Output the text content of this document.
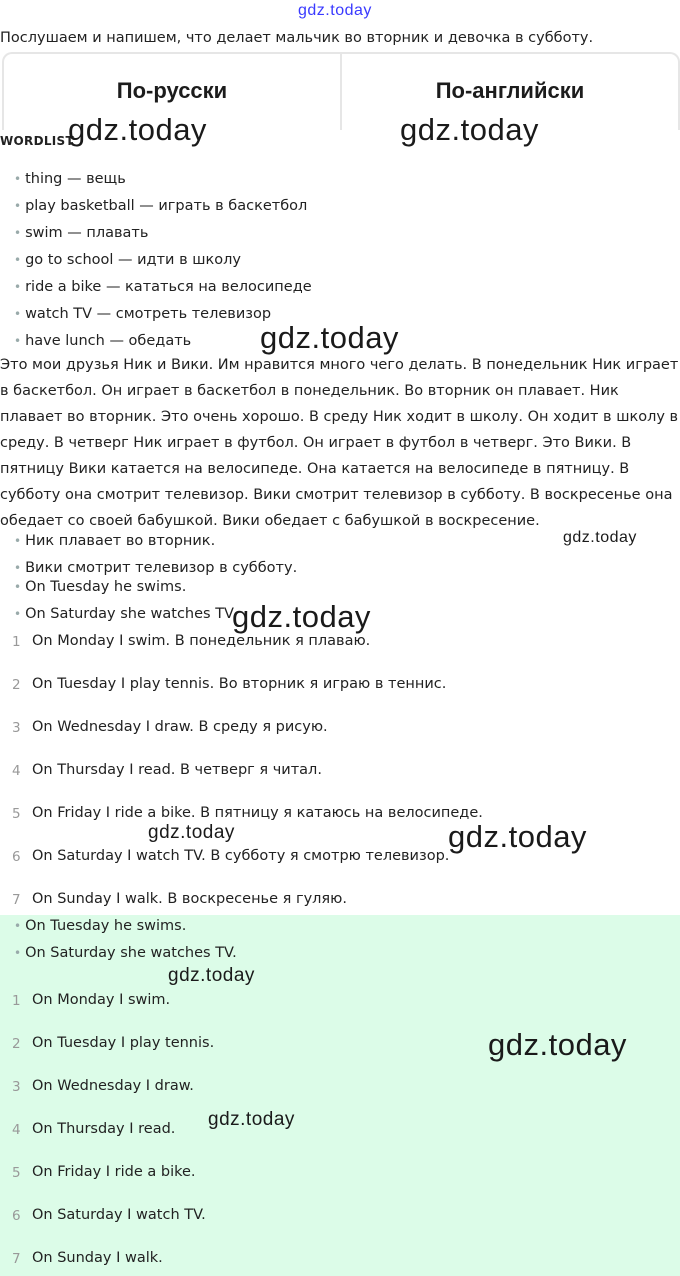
gdz.today
Послушаем и напишем, что делает мальчик во вторник и девочка в субботу.
По-русски	По-английски
WORDLIST
• thing — вещь
• play basketball — играть в баскетбол
• swim — плавать
• go to school — идти в школу
• ride a bike — кататься на велосипеде
• watch TV — смотреть телевизор
• have lunch — обедать
Это мои друзья Ник и Вики. Им нравится много чего делать. В понедельник Ник играет в баскетбол. Он играет в баскетбол в понедельник. Во вторник он плавает. Ник плавает во вторник. Это очень хорошо. В среду Ник ходит в школу. Он ходит в школу в среду. В четверг Ник играет в футбол. Он играет в футбол в четверг. Это Вики. В пятницу Вики катается на велосипеде. Она катается на велосипеде в пятницу. В субботу она смотрит телевизор. Вики смотрит телевизор в субботу. В воскресенье она обедает со своей бабушкой. Вики обедает с бабушкой в воскресение.
• Ник плавает во вторник.
• Вики смотрит телевизор в субботу.
• On Tuesday he swims.
• On Saturday she watches TV.
1 On Monday I swim. В понедельник я плаваю.
2 On Tuesday I play tennis. Во вторник я играю в теннис.
3 On Wednesday I draw. В среду я рисую.
4 On Thursday I read. В четверг я читал.
5 On Friday I ride a bike. В пятницу я катаюсь на велосипеде.
6 On Saturday I watch TV. В субботу я смотрю телевизор.
7 On Sunday I walk. В воскресенье я гуляю.
• On Tuesday he swims.
• On Saturday she watches TV.
1 On Monday I swim.
2 On Tuesday I play tennis.
3 On Wednesday I draw.
4 On Thursday I read.
5 On Friday I ride a bike.
6 On Saturday I watch TV.
7 On Sunday I walk.
gdz.today	gdz.today
gdz.today
gdz.today
gdz.today
gdz.today	gdz.today
gdz.today
gdz.today
gdz.today
